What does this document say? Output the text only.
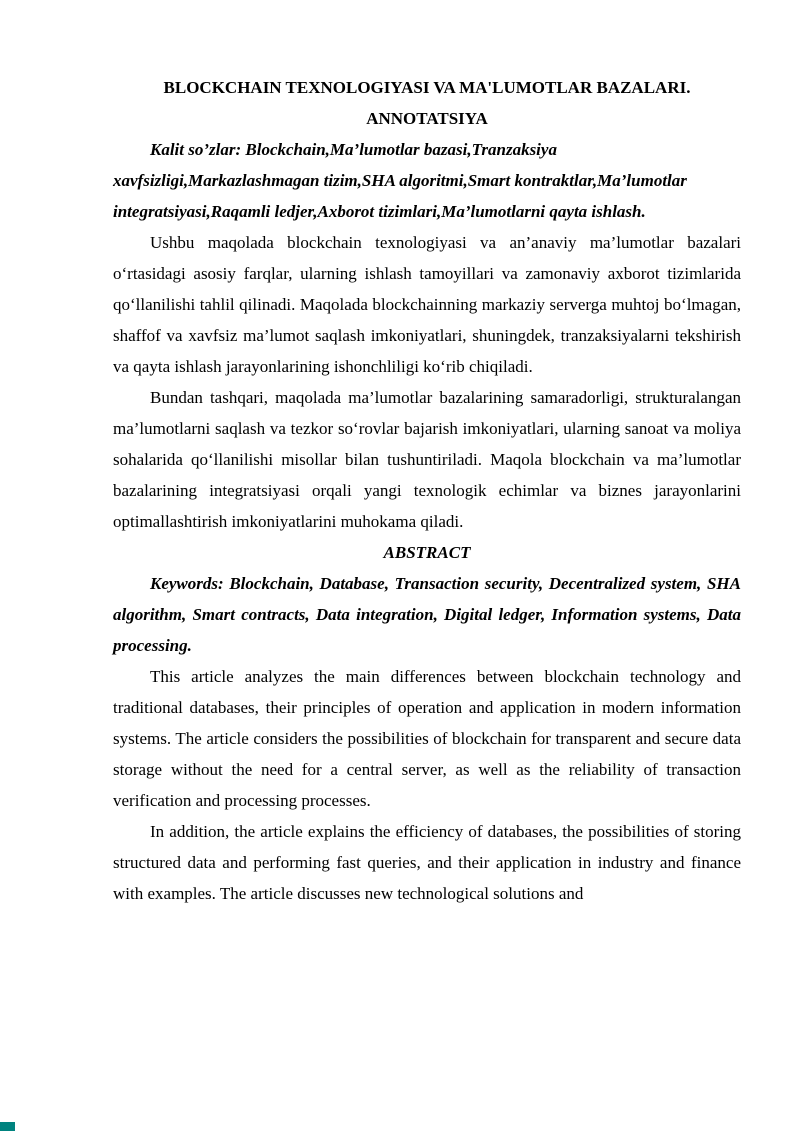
BLOCKCHAIN TEXNOLOGIYASI VA MA'LUMOTLAR BAZALARI.

ANNOTATSIYA

Kalit so’zlar: Blockchain,Ma’lumotlar bazasi,Tranzaksiya xavfsizligi,Markazlashmagan tizim,SHA algoritmi,Smart kontraktlar,Ma’lumotlar integratsiyasi,Raqamli ledjer,Axborot tizimlari,Ma’lumotlarni qayta ishlash.

Ushbu maqolada blockchain texnologiyasi va an’anaviy ma’lumotlar bazalari oʻrtasidagi asosiy farqlar, ularning ishlash tamoyillari va zamonaviy axborot tizimlarida qoʻllanilishi tahlil qilinadi. Maqolada blockchainning markaziy serverga muhtoj boʻlmagan, shaffof va xavfsiz ma’lumot saqlash imkoniyatlari, shuningdek, tranzaksiyalarni tekshirish va qayta ishlash jarayonlarining ishonchliligi koʻrib chiqiladi.

Bundan tashqari, maqolada ma’lumotlar bazalarining samaradorligi, strukturalangan ma’lumotlarni saqlash va tezkor soʻrovlar bajarish imkoniyatlari, ularning sanoat va moliya sohalarida qoʻllanilishi misollar bilan tushuntiriladi. Maqola blockchain va ma’lumotlar bazalarining integratsiyasi orqali yangi texnologik echimlar va biznes jarayonlarini optimallashtirish imkoniyatlarini muhokama qiladi.

ABSTRACT

Keywords: Blockchain, Database, Transaction security, Decentralized system, SHA algorithm, Smart contracts, Data integration, Digital ledger, Information systems, Data processing.

This article analyzes the main differences between blockchain technology and traditional databases, their principles of operation and application in modern information systems. The article considers the possibilities of blockchain for transparent and secure data storage without the need for a central server, as well as the reliability of transaction verification and processing processes.

In addition, the article explains the efficiency of databases, the possibilities of storing structured data and performing fast queries, and their application in industry and finance with examples. The article discusses new technological solutions and
